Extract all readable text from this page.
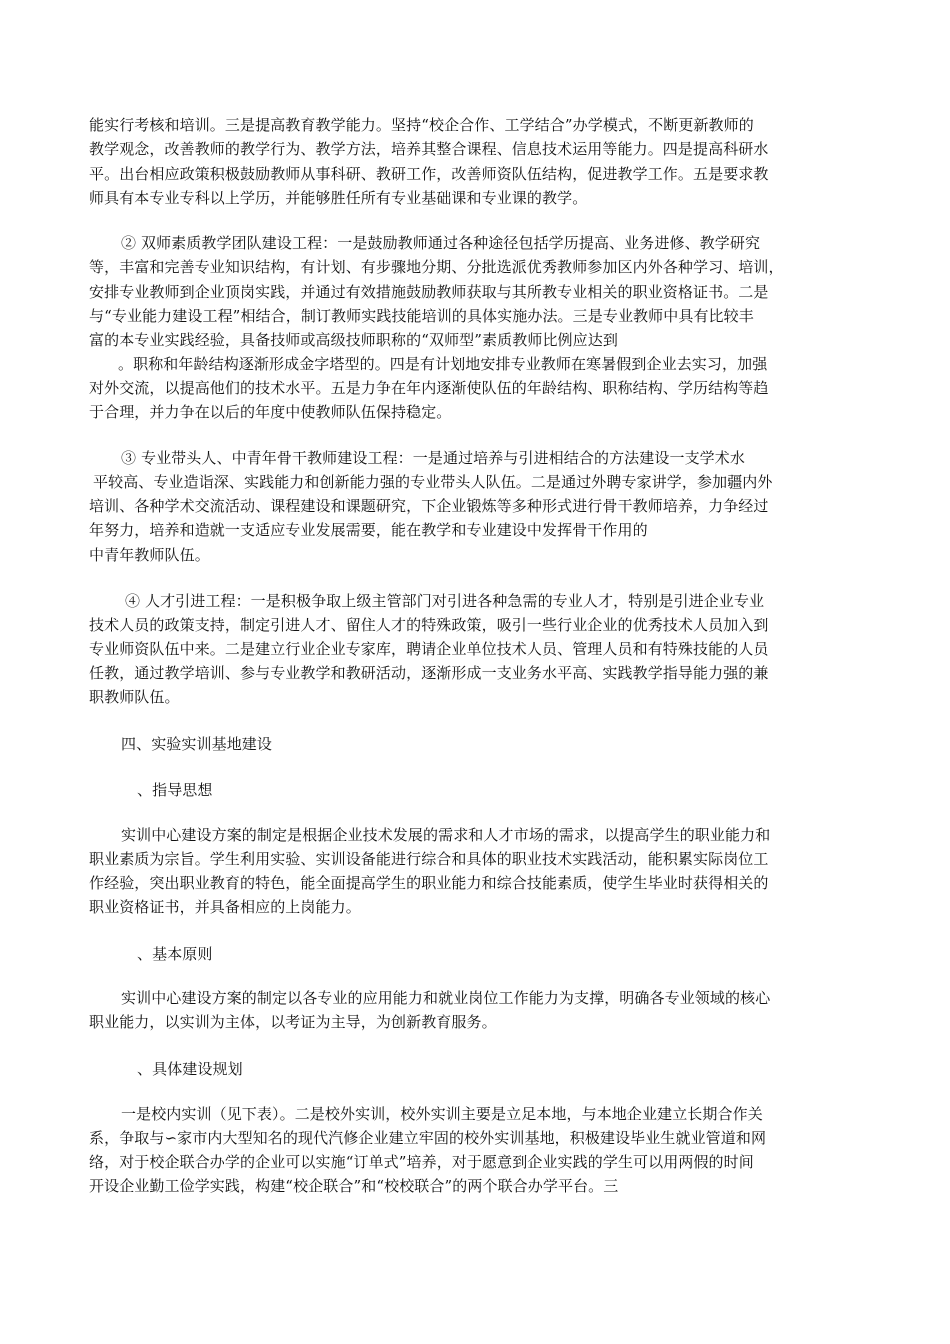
能实行考核和培训。三是提高教育教学能力。坚持“校企合作、工学结合”办学模式，不断更新教师的
教学观念，改善教师的教学行为、教学方法，培养其整合课程、信息技术运用等能力。四是提高科研水
平。出台相应政策积极鼓励教师从事科研、教研工作，改善师资队伍结构，促进教学工作。五是要求教
师具有本专业专科以上学历，并能够胜任所有专业基础课和专业课的教学。
② 双师素质教学团队建设工程：一是鼓励教师通过各种途径包括学历提高、业务进修、教学研究
等，丰富和完善专业知识结构，有计划、有步骤地分期、分批选派优秀教师参加区内外各种学习、培训，
安排专业教师到企业顶岗实践，并通过有效措施鼓励教师获取与其所教专业相关的职业资格证书。二是
与“专业能力建设工程”相结合，制订教师实践技能培训的具体实施办法。三是专业教师中具有比较丰
富的本专业实践经验，具备技师或高级技师职称的“双师型”素质教师比例应达到
。职称和年龄结构逐渐形成金字塔型的。四是有计划地安排专业教师在寒暑假到企业去实习，加强
对外交流，以提高他们的技术水平。五是力争在年内逐渐使队伍的年龄结构、职称结构、学历结构等趋
于合理，并力争在以后的年度中使教师队伍保持稳定。
③ 专业带头人、中青年骨干教师建设工程：一是通过培养与引进相结合的方法建设一支学术水
平较高、专业造诣深、实践能力和创新能力强的专业带头人队伍。二是通过外聘专家讲学，参加疆内外
培训、各种学术交流活动、课程建设和课题研究，下企业锻炼等多种形式进行骨干教师培养，力争经过
年努力，培养和造就一支适应专业发展需要，能在教学和专业建设中发挥骨干作用的
中青年教师队伍。
④ 人才引进工程：一是积极争取上级主管部门对引进各种急需的专业人才，特别是引进企业专业
技术人员的政策支持，制定引进人才、留住人才的特殊政策，吸引一些行业企业的优秀技术人员加入到
专业师资队伍中来。二是建立行业企业专家库，聘请企业单位技术人员、管理人员和有特殊技能的人员
任教，通过教学培训、参与专业教学和教研活动，逐渐形成一支业务水平高、实践教学指导能力强的兼
职教师队伍。
四、实验实训基地建设
、指导思想
实训中心建设方案的制定是根据企业技术发展的需求和人才市场的需求，以提高学生的职业能力和
职业素质为宗旨。学生利用实验、实训设备能进行综合和具体的职业技术实践活动，能积累实际岗位工
作经验，突出职业教育的特色，能全面提高学生的职业能力和综合技能素质，使学生毕业时获得相关的
职业资格证书，并具备相应的上岗能力。
、基本原则
实训中心建设方案的制定以各专业的应用能力和就业岗位工作能力为支撑，明确各专业领域的核心
职业能力，以实训为主体，以考证为主导，为创新教育服务。
、具体建设规划
一是校内实训（见下表）。二是校外实训，校外实训主要是立足本地，与本地企业建立长期合作关
系，争取与∽家市内大型知名的现代汽修企业建立牢固的校外实训基地，积极建设毕业生就业管道和网
络，对于校企联合办学的企业可以实施“订单式”培养，对于愿意到企业实践的学生可以用两假的时间
开设企业勤工俭学实践，构建“校企联合”和“校校联合”的两个联合办学平台。三
